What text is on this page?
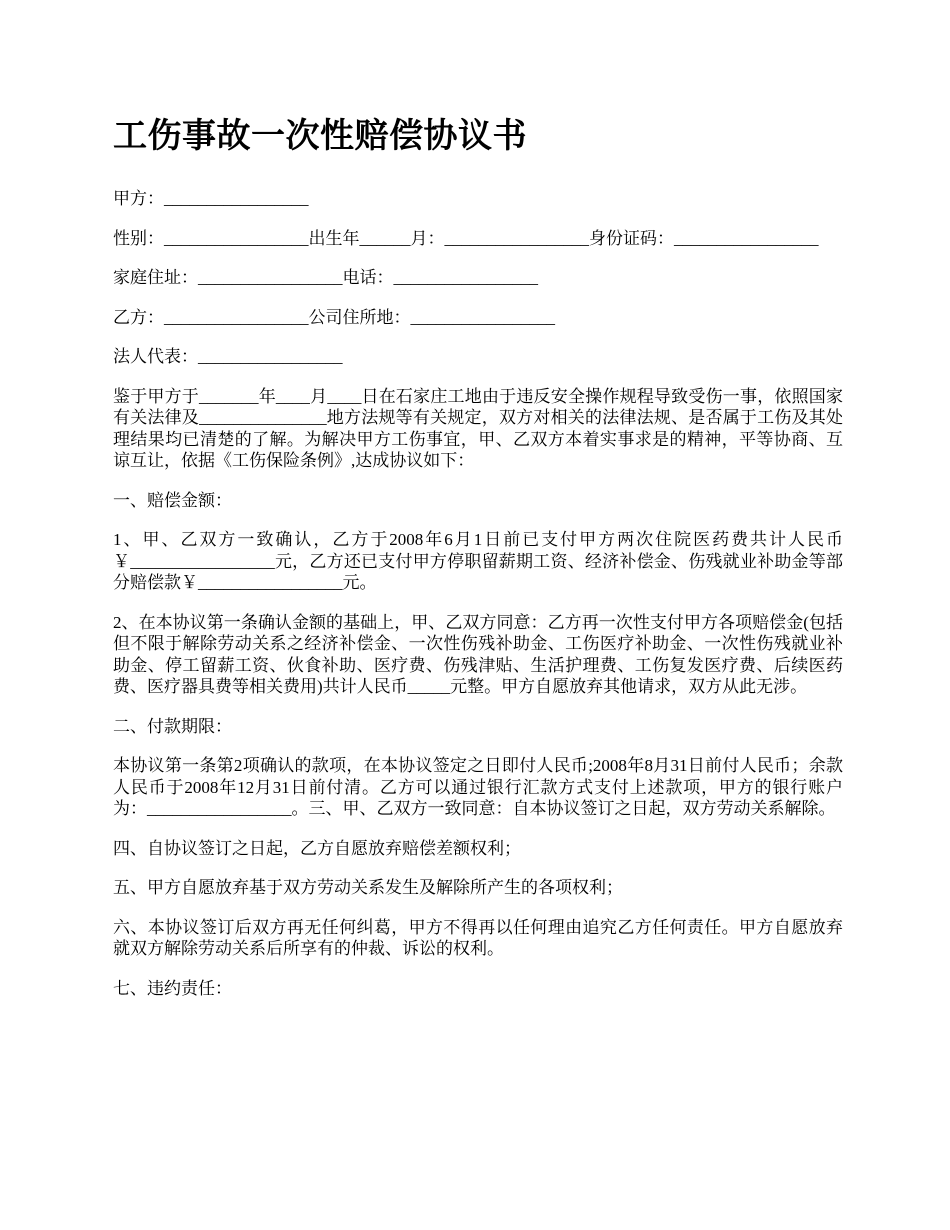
工伤事故一次性赔偿协议书

甲方：_________________

性别：_________________出生年______月：_________________身份证码：_________________

家庭住址：_________________电话：_________________

乙方：_________________公司住所地：_________________

法人代表：_________________

鉴于甲方于_______年____月____日在石家庄工地由于违反安全操作规程导致受伤一事，依照国家有关法律及_______________地方法规等有关规定，双方对相关的法律法规、是否属于工伤及其处理结果均已清楚的了解。为解决甲方工伤事宜，甲、乙双方本着实事求是的精神，平等协商、互谅互让，依据《工伤保险条例》,达成协议如下：

一、赔偿金额：

1、甲、乙双方一致确认，乙方于2008年6月1日前已支付甲方两次住院医药费共计人民币￥_________________元，乙方还已支付甲方停职留薪期工资、经济补偿金、伤残就业补助金等部分赔偿款￥_________________元。

2、在本协议第一条确认金额的基础上，甲、乙双方同意：乙方再一次性支付甲方各项赔偿金(包括但不限于解除劳动关系之经济补偿金、一次性伤残补助金、工伤医疗补助金、一次性伤残就业补助金、停工留薪工资、伙食补助、医疗费、伤残津贴、生活护理费、工伤复发医疗费、后续医药费、医疗器具费等相关费用)共计人民币_____元整。甲方自愿放弃其他请求，双方从此无涉。

二、付款期限：

本协议第一条第2项确认的款项，在本协议签定之日即付人民币;2008年8月31日前付人民币；余款人民币于2008年12月31日前付清。乙方可以通过银行汇款方式支付上述款项，甲方的银行账户为：_________________。三、甲、乙双方一致同意：自本协议签订之日起，双方劳动关系解除。

四、自协议签订之日起，乙方自愿放弃赔偿差额权利；

五、甲方自愿放弃基于双方劳动关系发生及解除所产生的各项权利；

六、本协议签订后双方再无任何纠葛，甲方不得再以任何理由追究乙方任何责任。甲方自愿放弃就双方解除劳动关系后所享有的仲裁、诉讼的权利。

七、违约责任：
